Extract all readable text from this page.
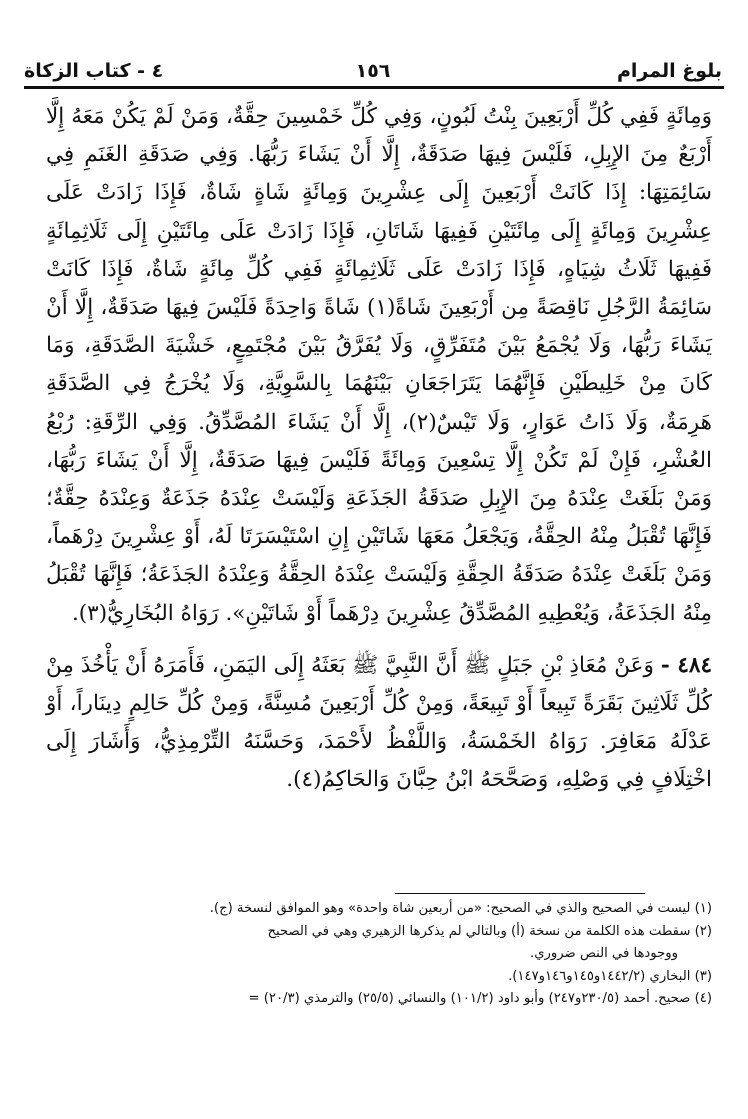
بلوغ المرام
١٥٦
٤ - كتاب الزكاة

وَمِائَةٍ فَفِي كُلِّ أَرْبَعِينَ بِنْتُ لَبُونٍ، وَفِي كُلِّ خَمْسِينَ حِقَّةٌ، وَمَنْ لَمْ يَكُنْ مَعَهُ إِلَّا أَرْبَعٌ مِنَ الإِبِلِ، فَلَيْسَ فِيهَا صَدَقَةٌ، إِلَّا أَنْ يَشَاءَ رَبُّهَا. وَفِي صَدَقَةِ الغَنَمِ فِي سَائِمَتِهَا: إِذَا كَانَتْ أَرْبَعِينَ إِلَى عِشْرِينَ وَمِائَةٍ شَاةٍ شَاةٌ، فَإِذَا زَادَتْ عَلَى عِشْرِينَ وَمِائَةٍ إِلَى مِائَتَيْنِ فَفِيهَا شَاتَانِ، فَإِذَا زَادَتْ عَلَى مِائَتَيْنِ إِلَى ثَلَاثِمِائَةٍ فَفِيهَا ثَلَاثُ شِيَاهٍ، فَإِذَا زَادَتْ عَلَى ثَلَاثِمِائَةٍ فَفِي كُلِّ مِائَةٍ شَاةٌ، فَإِذَا كَانَتْ سَائِمَةُ الرَّجُلِ نَاقِصَةً مِن أَرْبَعِينَ شَاةً(١) شَاةً وَاحِدَةً فَلَيْسَ فِيهَا صَدَقَةٌ، إِلَّا أَنْ يَشَاءَ رَبُّهَا، وَلَا يُجْمَعُ بَيْنَ مُتَفَرِّقٍ، وَلَا يُفَرَّقُ بَيْنَ مُجْتَمِعٍ، خَشْيَةَ الصَّدَقَةِ، وَمَا كَانَ مِنْ خَلِيطَيْنِ فَإِنَّهُمَا يَتَرَاجَعَانِ بَيْنَهُمَا بِالسَّوِيَّةِ، وَلَا يُخْرَجُ فِي الصَّدَقَةِ هَرِمَةٌ، وَلَا ذَاتُ عَوَارٍ، وَلَا تَيْسٌ(٢)، إِلَّا أَنْ يَشَاءَ المُصَّدِّقُ. وَفِي الرِّقَةِ: رُبْعُ العُشْرِ، فَإِنْ لَمْ تَكُنْ إِلَّا تِسْعِينَ وَمِائَةً فَلَيْسَ فِيهَا صَدَقَةٌ، إِلَّا أَنْ يَشَاءَ رَبُّهَا، وَمَنْ بَلَغَتْ عِنْدَهُ مِنَ الإِبِلِ صَدَقَةُ الجَذَعَةِ وَلَيْسَتْ عِنْدَهُ جَذَعَةٌ وَعِنْدَهُ حِقَّةٌ؛ فَإِنَّهَا تُقْبَلُ مِنْهُ الحِقَّةُ، وَيَجْعَلُ مَعَهَا شَاتَيْنِ إِنِ اسْتَيْسَرَتَا لَهُ، أَوْ عِشْرِينَ دِرْهَماً، وَمَنْ بَلَغَتْ عِنْدَهُ صَدَقَةُ الحِقَّةِ وَلَيْسَتْ عِنْدَهُ الحِقَّةُ وَعِنْدَهُ الجَذَعَةُ؛ فَإِنَّهَا تُقْبَلُ مِنْهُ الجَذَعَةُ، وَيُعْطِيهِ المُصَّدِّقُ عِشْرِينَ دِرْهَماً أَوْ شَاتَيْنِ». رَوَاهُ البُخَارِيُّ(٣).

٤٨٤ - وَعَنْ مُعَاذِ بْنِ جَبَلٍ ﷺ أَنَّ النَّبِيَّ ﷺ بَعَثَهُ إِلَى اليَمَنِ، فَأَمَرَهُ أَنْ يَأْخُذَ مِنْ كُلِّ ثَلَاثِينَ بَقَرَةً تَبِيعاً أَوْ تَبِيعَةً، وَمِنْ كُلِّ أَرْبَعِينَ مُسِنَّةً، وَمِنْ كُلِّ حَالِمٍ دِينَاراً، أَوْ عَدْلَهُ مَعَافِرَ. رَوَاهُ الخَمْسَةُ، وَاللَّفْظُ لأَحْمَدَ، وَحَسَّنَهُ التِّرْمِذِيُّ، وَأَشَارَ إِلَى اخْتِلَافٍ فِي وَصْلِهِ، وَصَحَّحَهُ ابْنُ حِبَّانَ وَالحَاكِمُ(٤).

(١) ليست في الصحيح والذي في الصحيح: «من أربعين شاة واحدة» وهو الموافق لنسخة (ج).

(٢) سقطت هذه الكلمة من نسخة (أ) وبالتالي لم يذكرها الزهيري وهي في الصحيح

ووجودها في النص ضروري.

(٣) البخاري (١٤٤٢/٢و١٤٥و١٤٦و١٤٧).

(٤) صحيح. أحمد (٢٣٠/٥و٢٤٧) وأبو داود (١٠١/٢) والنسائي (٢٥/٥) والترمذي (٢٠/٣) =
